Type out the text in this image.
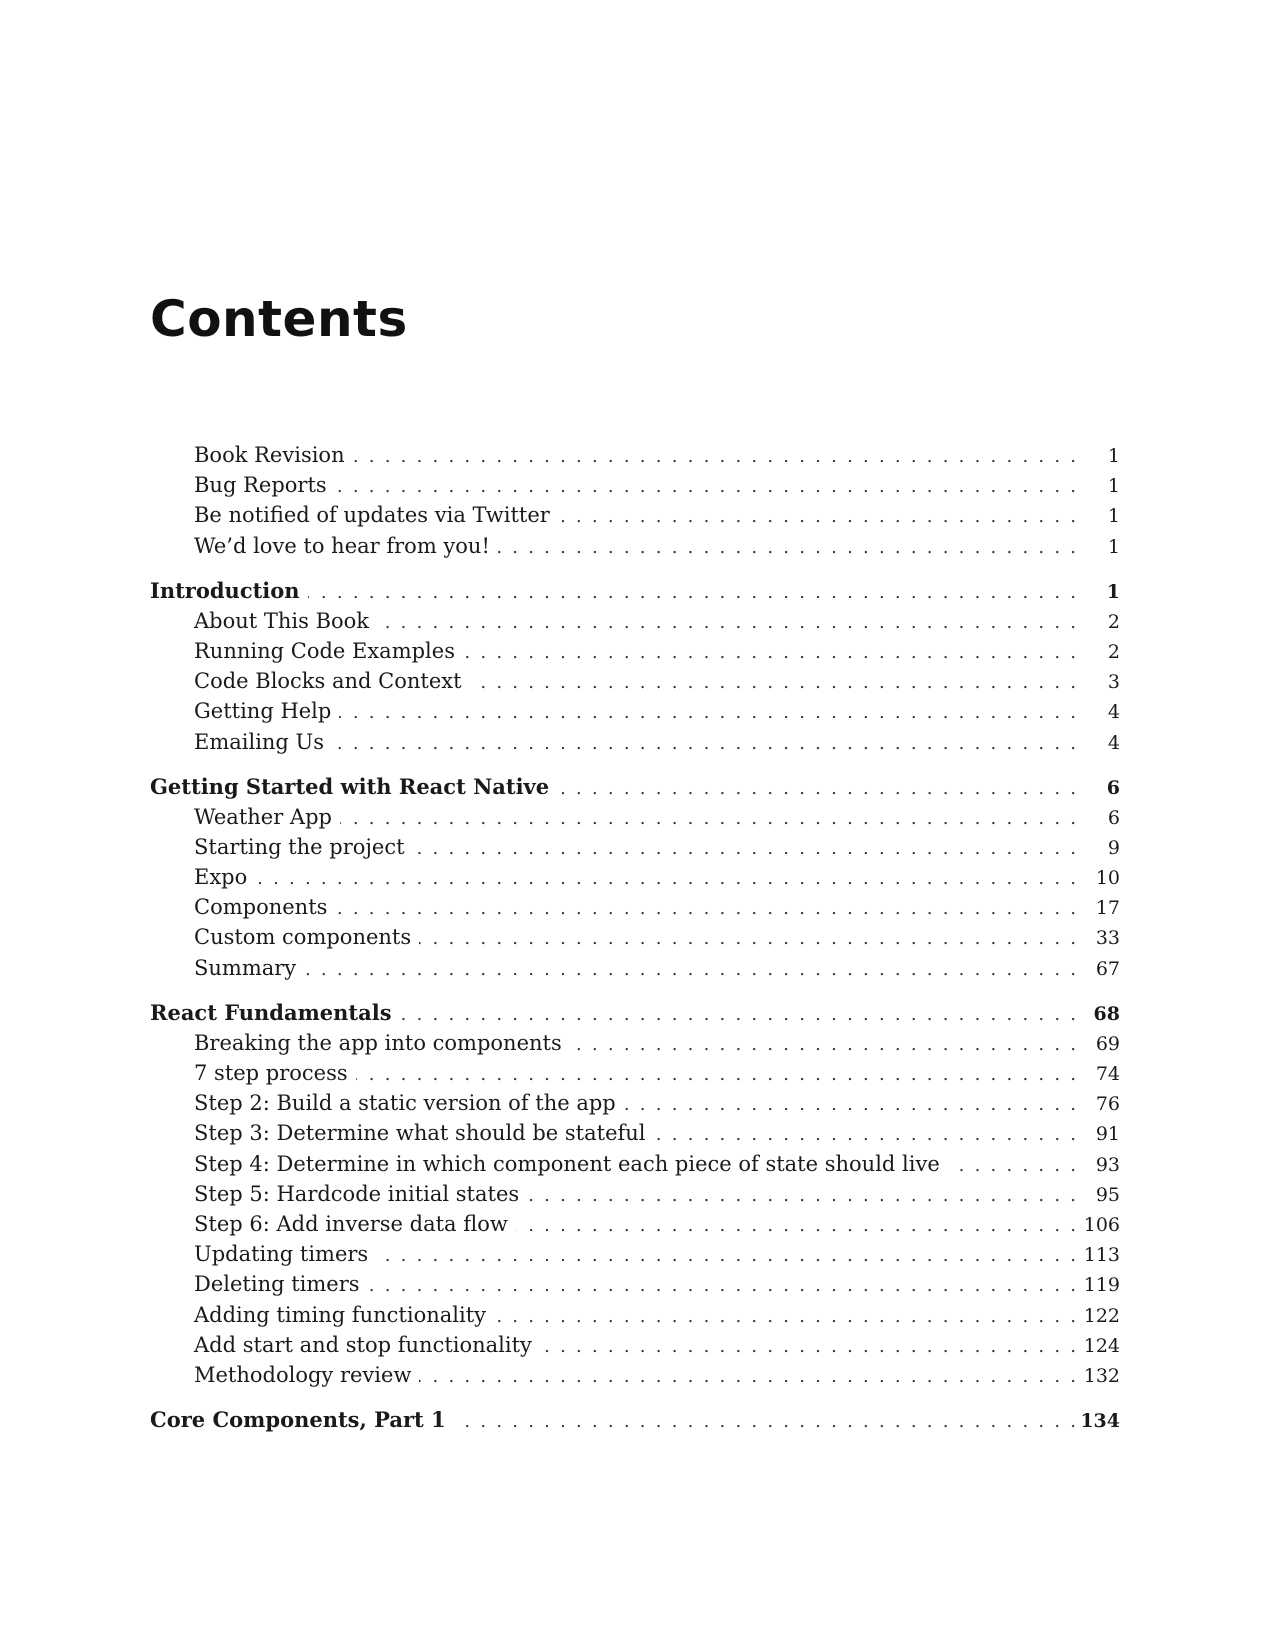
Contents
Book Revision . . .	1
Bug Reports . . .	1
Be notified of updates via Twitter . . .	1
We’d love to hear from you! . . .	1
Introduction . . .	1
About This Book . . .	2
Running Code Examples . . .	2
Code Blocks and Context . . .	3
Getting Help . . .	4
Emailing Us . . .	4
Getting Started with React Native . . .	6
Weather App . . .	6
Starting the project . . .	9
Expo . . .	10
Components . . .	17
Custom components . . .	33
Summary . . .	67
React Fundamentals . . .	68
Breaking the app into components . . .	69
7 step process . . .	74
Step 2: Build a static version of the app . . .	76
Step 3: Determine what should be stateful . . .	91
Step 4: Determine in which component each piece of state should live . . .	93
Step 5: Hardcode initial states . . .	95
Step 6: Add inverse data flow . . .	106
Updating timers . . .	113
Deleting timers . . .	119
Adding timing functionality . . .	122
Add start and stop functionality . . .	124
Methodology review . . .	132
Core Components, Part 1 . . .	134
